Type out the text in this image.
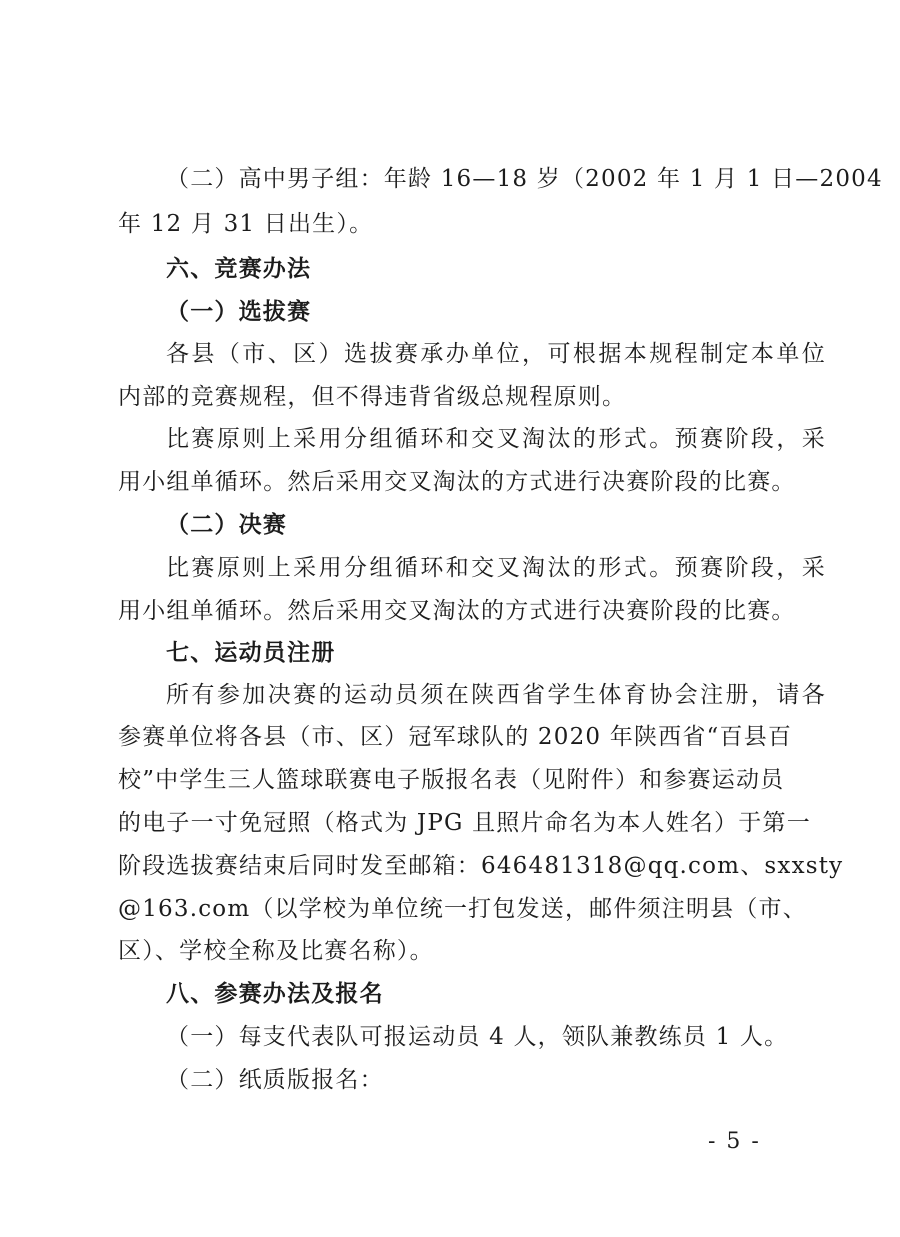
（二）高中男子组：年龄 16—18 岁（2002 年 1 月 1 日—2004
年 12 月 31 日出生）。
六、竞赛办法
（一）选拔赛
各县（市、区）选拔赛承办单位，可根据本规程制定本单位
内部的竞赛规程，但不得违背省级总规程原则。
比赛原则上采用分组循环和交叉淘汰的形式。预赛阶段，采
用小组单循环。然后采用交叉淘汰的方式进行决赛阶段的比赛。
（二）决赛
比赛原则上采用分组循环和交叉淘汰的形式。预赛阶段，采
用小组单循环。然后采用交叉淘汰的方式进行决赛阶段的比赛。
七、运动员注册
所有参加决赛的运动员须在陕西省学生体育协会注册，请各
参赛单位将各县（市、区）冠军球队的 2020 年陕西省“百县百
校”中学生三人篮球联赛电子版报名表（见附件）和参赛运动员
的电子一寸免冠照（格式为 JPG 且照片命名为本人姓名）于第一
阶段选拔赛结束后同时发至邮箱：646481318@qq.com、sxxsty
@163.com（以学校为单位统一打包发送，邮件须注明县（市、
区）、学校全称及比赛名称）。
八、参赛办法及报名
（一）每支代表队可报运动员 4 人，领队兼教练员 1 人。
（二）纸质版报名：
- 5 -
